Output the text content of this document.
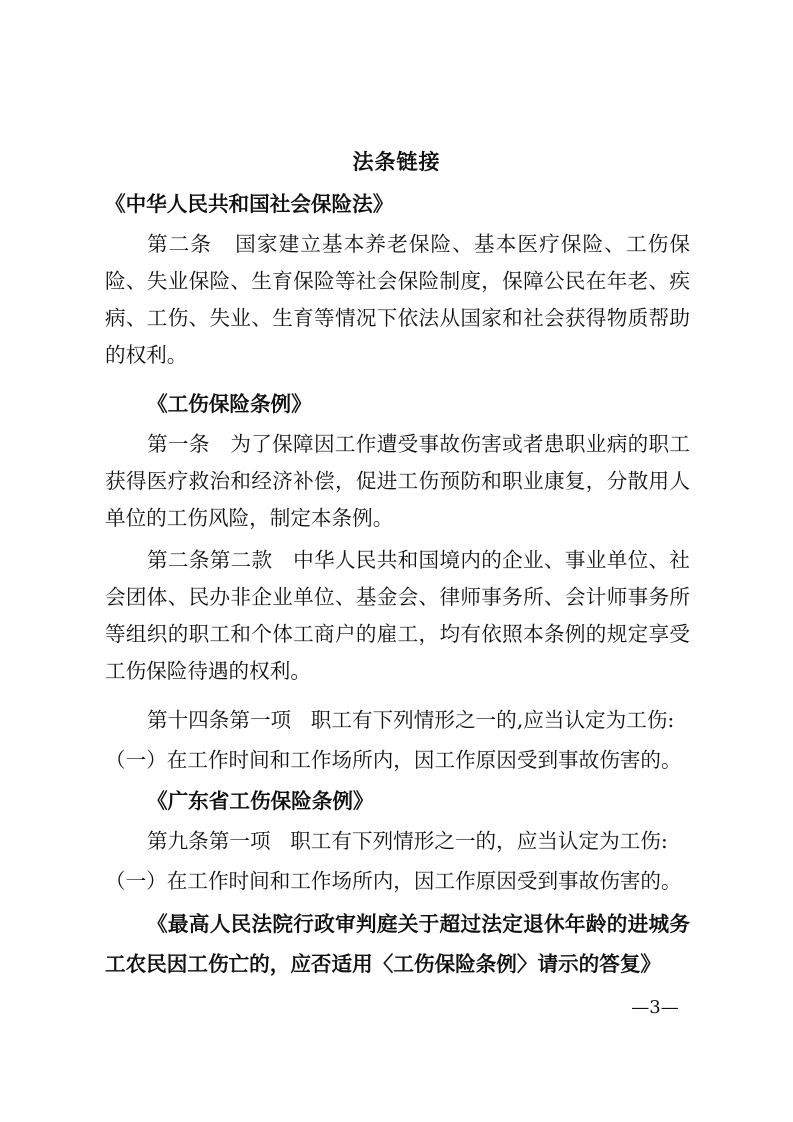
法条链接
《中华人民共和国社会保险法》
第二条 国家建立基本养老保险、基本医疗保险、工伤保险、失业保险、生育保险等社会保险制度，保障公民在年老、疾病、工伤、失业、生育等情况下依法从国家和社会获得物质帮助的权利。
《工伤保险条例》
第一条 为了保障因工作遭受事故伤害或者患职业病的职工获得医疗救治和经济补偿，促进工伤预防和职业康复，分散用人单位的工伤风险，制定本条例。
第二条第二款 中华人民共和国境内的企业、事业单位、社会团体、民办非企业单位、基金会、律师事务所、会计师事务所等组织的职工和个体工商户的雇工，均有依照本条例的规定享受工伤保险待遇的权利。
第十四条第一项 职工有下列情形之一的,应当认定为工伤:
（一）在工作时间和工作场所内，因工作原因受到事故伤害的。
《广东省工伤保险条例》
第九条第一项 职工有下列情形之一的，应当认定为工伤:
（一）在工作时间和工作场所内，因工作原因受到事故伤害的。
《最高人民法院行政审判庭关于超过法定退休年龄的进城务工农民因工伤亡的，应否适用〈工伤保险条例〉请示的答复》
—3—
